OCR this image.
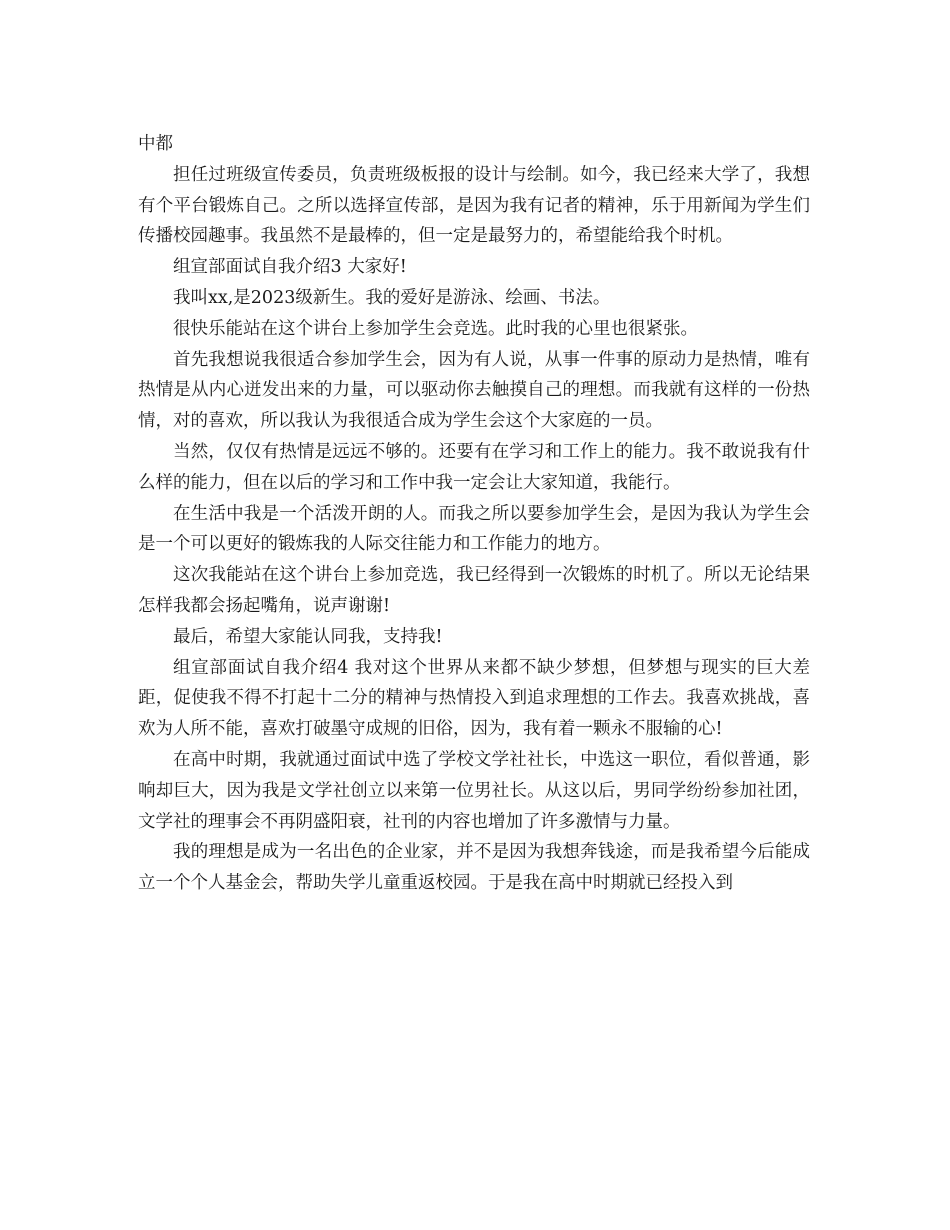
中都

担任过班级宣传委员，负责班级板报的设计与绘制。如今，我已经来大学了，我想有个平台锻炼自己。之所以选择宣传部，是因为我有记者的精神，乐于用新闻为学生们传播校园趣事。我虽然不是最棒的，但一定是最努力的，希望能给我个时机。

组宣部面试自我介绍3 大家好!

我叫xx,是2023级新生。我的爱好是游泳、绘画、书法。

很快乐能站在这个讲台上参加学生会竞选。此时我的心里也很紧张。

首先我想说我很适合参加学生会，因为有人说，从事一件事的原动力是热情，唯有热情是从内心迸发出来的力量，可以驱动你去触摸自己的理想。而我就有这样的一份热情，对的喜欢，所以我认为我很适合成为学生会这个大家庭的一员。

当然，仅仅有热情是远远不够的。还要有在学习和工作上的能力。我不敢说我有什么样的能力，但在以后的学习和工作中我一定会让大家知道，我能行。

在生活中我是一个活泼开朗的人。而我之所以要参加学生会，是因为我认为学生会是一个可以更好的锻炼我的人际交往能力和工作能力的地方。

这次我能站在这个讲台上参加竞选，我已经得到一次锻炼的时机了。所以无论结果怎样我都会扬起嘴角，说声谢谢!

最后，希望大家能认同我，支持我!

组宣部面试自我介绍4 我对这个世界从来都不缺少梦想，但梦想与现实的巨大差距，促使我不得不打起十二分的精神与热情投入到追求理想的工作去。我喜欢挑战，喜欢为人所不能，喜欢打破墨守成规的旧俗，因为，我有着一颗永不服输的心!

在高中时期，我就通过面试中选了学校文学社社长，中选这一职位，看似普通，影响却巨大，因为我是文学社创立以来第一位男社长。从这以后，男同学纷纷参加社团，文学社的理事会不再阴盛阳衰，社刊的内容也增加了许多激情与力量。

我的理想是成为一名出色的企业家，并不是因为我想奔钱途，而是我希望今后能成立一个个人基金会，帮助失学儿童重返校园。于是我在高中时期就已经投入到
